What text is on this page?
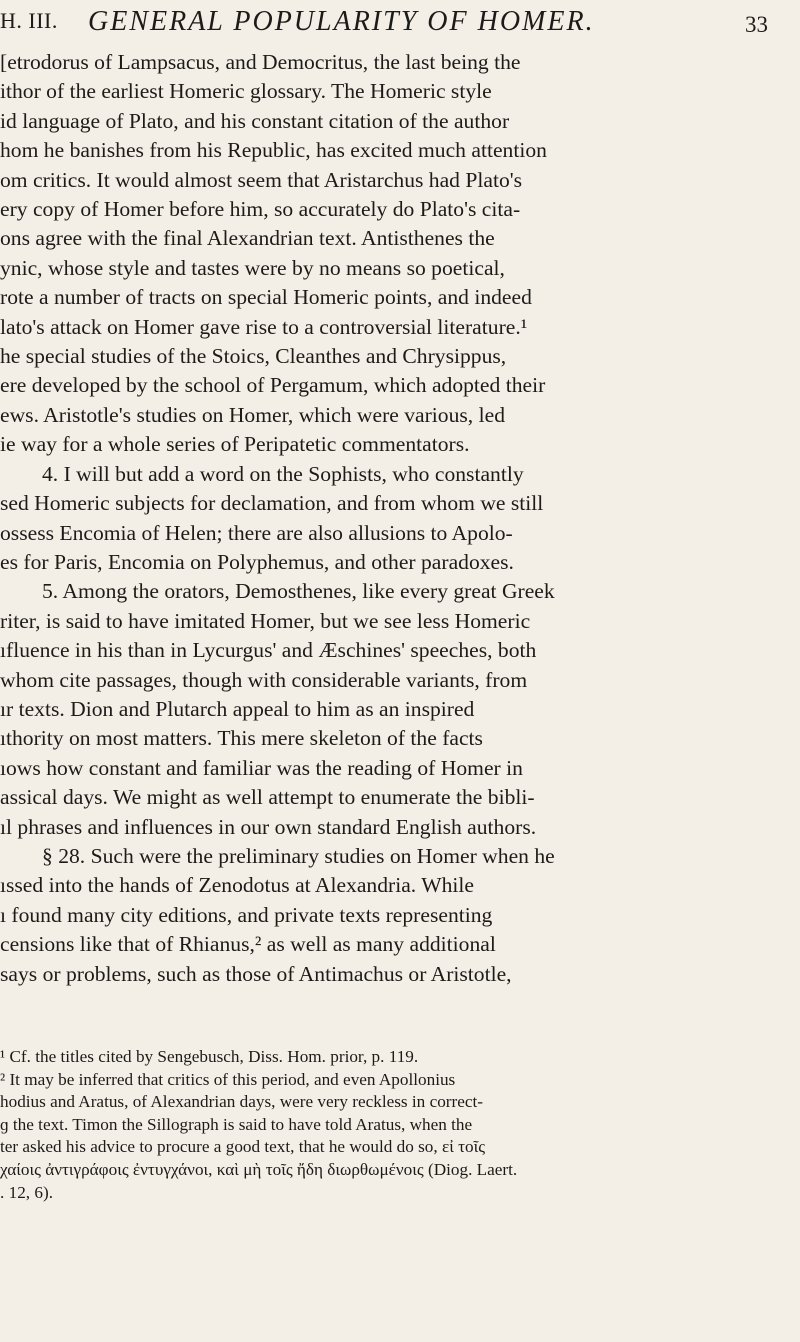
H. III. GENERAL POPULARITY OF HOMER.	33
[etrodorus of Lampsacus, and Democritus, the last being the
ithor of the earliest Homeric glossary. The Homeric style
id language of Plato, and his constant citation of the author
hom he banishes from his Republic, has excited much attention
om critics. It would almost seem that Aristarchus had Plato's
ery copy of Homer before him, so accurately do Plato's cita-
ons agree with the final Alexandrian text. Antisthenes the
ynic, whose style and tastes were by no means so poetical,
rote a number of tracts on special Homeric points, and indeed
lato's attack on Homer gave rise to a controversial literature.¹
he special studies of the Stoics, Cleanthes and Chrysippus,
ere developed by the school of Pergamum, which adopted their
ews. Aristotle's studies on Homer, which were various, led
ie way for a whole series of Peripatetic commentators.
4. I will but add a word on the Sophists, who constantly
sed Homeric subjects for declamation, and from whom we still
ossess Encomia of Helen; there are also allusions to Apolo-
es for Paris, Encomia on Polyphemus, and other paradoxes.
5. Among the orators, Demosthenes, like every great Greek
riter, is said to have imitated Homer, but we see less Homeric
ıfluence in his than in Lycurgus' and Æschines' speeches, both
whom cite passages, though with considerable variants, from
ır texts. Dion and Plutarch appeal to him as an inspired
ıthority on most matters. This mere skeleton of the facts
ıows how constant and familiar was the reading of Homer in
assical days. We might as well attempt to enumerate the bibli-
ıl phrases and influences in our own standard English authors.
§ 28. Such were the preliminary studies on Homer when he
ıssed into the hands of Zenodotus at Alexandria. While
ı found many city editions, and private texts representing
censions like that of Rhianus,² as well as many additional
says or problems, such as those of Antimachus or Aristotle,
¹ Cf. the titles cited by Sengebusch, Diss. Hom. prior, p. 119.
² It may be inferred that critics of this period, and even Apollonius
hodius and Aratus, of Alexandrian days, were very reckless in correct-
ɡ the text. Timon the Sillograph is said to have told Aratus, when the
ter asked his advice to procure a good text, that he would do so, εἰ τοῖς
χαίοις ἀντιγράφοις ἐντυγχάνοι, καὶ μὴ τοῖς ἤδη διωρθωμένοις (Diog. Laert.
. 12, 6).
